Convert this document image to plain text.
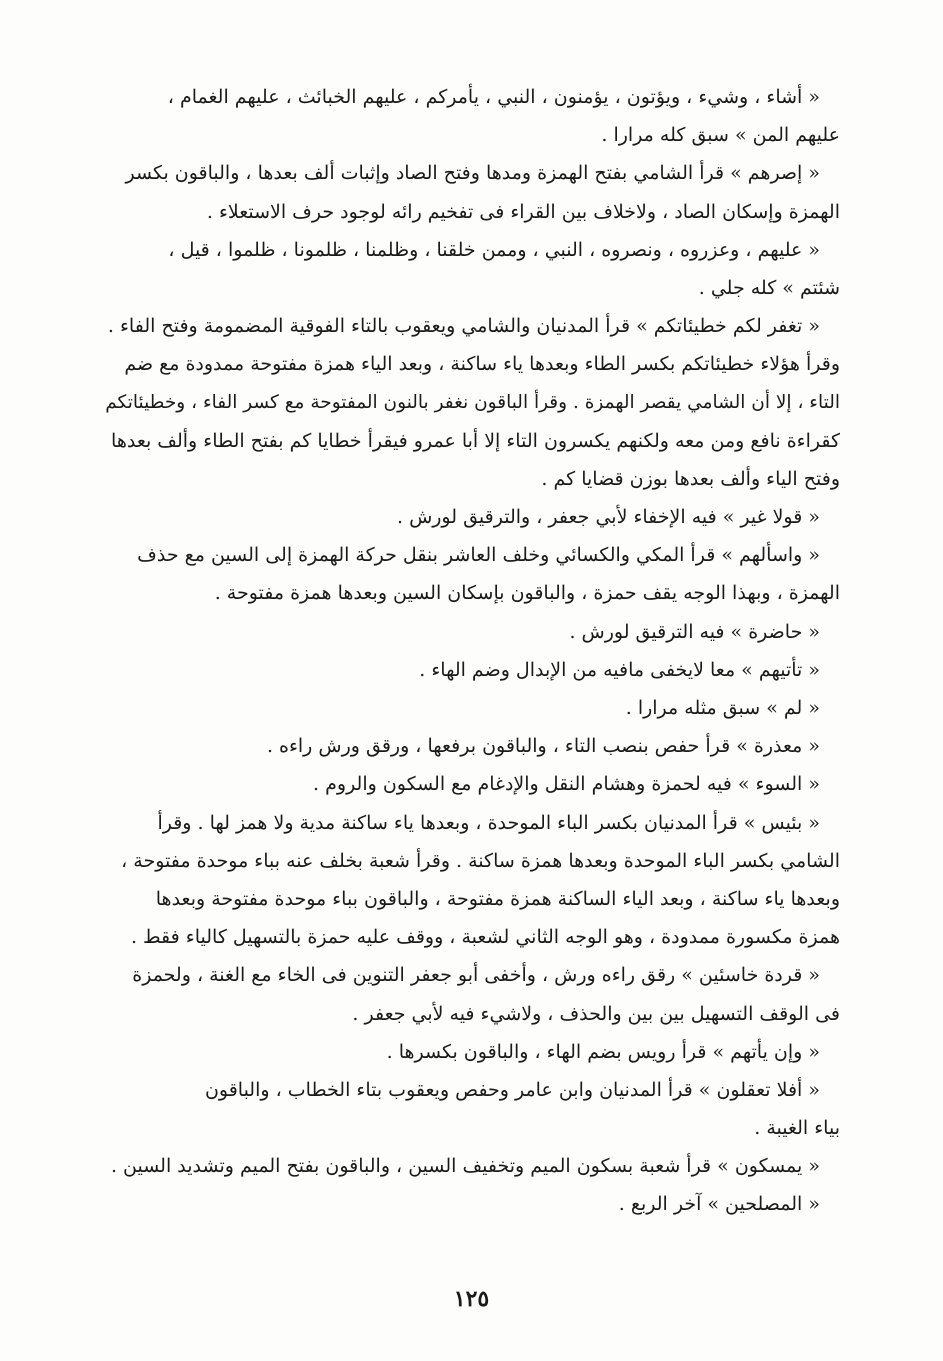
« أشاء ، وشيء ، ويؤتون ، يؤمنون ، النبي ، يأمركم ، عليهم الخبائث ، عليهم الغمام ،
عليهم المن » سبق كله مرارا .
« إصرهم » قرأ الشامي بفتح الهمزة ومدها وفتح الصاد وإثبات ألف بعدها ، والباقون بكسر
الهمزة وإسكان الصاد ، ولاخلاف بين القراء فى تفخيم رائه لوجود حرف الاستعلاء .
« عليهم ، وعزروه ، ونصروه ، النبي ، وممن خلقنا ، وظلمنا ، ظلمونا ، ظلموا ، قيل ،
شئتم » كله جلي .
« تغفر لكم خطيئاتكم » قرأ المدنيان والشامي ويعقوب بالتاء الفوقية المضمومة وفتح الفاء .
وقرأ هؤلاء خطيئاتكم بكسر الطاء وبعدها ياء ساكنة ، وبعد الياء همزة مفتوحة ممدودة مع ضم
التاء ، إلا أن الشامي يقصر الهمزة . وقرأ الباقون نغفر بالنون المفتوحة مع كسر الفاء ، وخطيئاتكم
كقراءة نافع ومن معه ولكنهم يكسرون التاء إلا أبا عمرو فيقرأ خطايا كم بفتح الطاء وألف بعدها
وفتح الياء وألف بعدها بوزن قضايا كم .
« قولا غير » فيه الإخفاء لأبي جعفر ، والترقيق لورش .
« واسألهم » قرأ المكي والكسائي وخلف العاشر بنقل حركة الهمزة إلى السين مع حذف
الهمزة ، وبهذا الوجه يقف حمزة ، والباقون بإسكان السين وبعدها همزة مفتوحة .
« حاضرة » فيه الترقيق لورش .
« تأتيهم » معا لايخفى مافيه من الإبدال وضم الهاء .
« لم » سبق مثله مرارا .
« معذرة » قرأ حفص بنصب التاء ، والباقون برفعها ، ورقق ورش راءه .
« السوء » فيه لحمزة وهشام النقل والإدغام مع السكون والروم .
« بئيس » قرأ المدنيان بكسر الباء الموحدة ، وبعدها ياء ساكنة مدية ولا همز لها . وقرأ
الشامي بكسر الباء الموحدة وبعدها همزة ساكنة . وقرأ شعبة بخلف عنه بباء موحدة مفتوحة ،
وبعدها ياء ساكنة ، وبعد الياء الساكنة همزة مفتوحة ، والباقون بباء موحدة مفتوحة وبعدها
همزة مكسورة ممدودة ، وهو الوجه الثاني لشعبة ، ووقف عليه حمزة بالتسهيل كالياء فقط .
« قردة خاسئين » رقق راءه ورش ، وأخفى أبو جعفر التنوين فى الخاء مع الغنة ، ولحمزة
فى الوقف التسهيل بين بين والحذف ، ولاشيء فيه لأبي جعفر .
« وإن يأتهم » قرأ رويس بضم الهاء ، والباقون بكسرها .
« أفلا تعقلون » قرأ المدنيان وابن عامر وحفص ويعقوب بتاء الخطاب ، والباقون
بياء الغيبة .
« يمسكون » قرأ شعبة بسكون الميم وتخفيف السين ، والباقون بفتح الميم وتشديد السين .
« المصلحين » آخر الربع .
١٢٥
